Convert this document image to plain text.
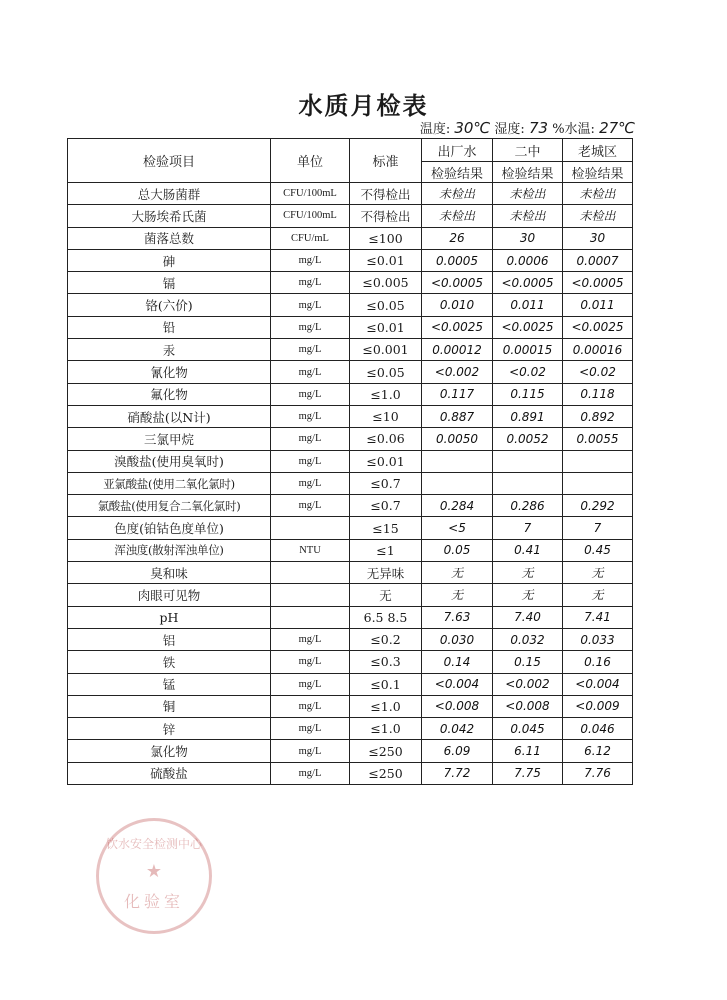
水质月检表
温度: 30℃ 湿度: 73 %水温: 27℃
检验项目	单位	标准	出厂水	二中	老城区
			检验结果	检验结果	检验结果
总大肠菌群	CFU/100mL	不得检出	未检出	未检出	未检出
大肠埃希氏菌	CFU/100mL	不得检出	未检出	未检出	未检出
菌落总数	CFU/mL	≤100	26	30	30
砷	mg/L	≤0.01	0.0005	0.0006	0.0007
镉	mg/L	≤0.005	<0.0005	<0.0005	<0.0005
铬(六价)	mg/L	≤0.05	0.010	0.011	0.011
铅	mg/L	≤0.01	<0.0025	<0.0025	<0.0025
汞	mg/L	≤0.001	0.00012	0.00015	0.00016
氰化物	mg/L	≤0.05	<0.002	<0.02	<0.02
氟化物	mg/L	≤1.0	0.117	0.115	0.118
硝酸盐(以N计)	mg/L	≤10	0.887	0.891	0.892
三氯甲烷	mg/L	≤0.06	0.0050	0.0052	0.0055
溴酸盐(使用臭氧时)	mg/L	≤0.01			
亚氯酸盐(使用二氧化氯时)	mg/L	≤0.7			
氯酸盐(使用复合二氧化氯时)	mg/L	≤0.7	0.284	0.286	0.292
色度(铂钴色度单位)		≤15	<5	7	7
浑浊度(散射浑浊单位)	NTU	≤1	0.05	0.41	0.45
臭和味		无异味	无	无	无
肉眼可见物		无	无	无	无
pH		6.5 8.5	7.63	7.40	7.41
铝	mg/L	≤0.2	0.030	0.032	0.033
铁	mg/L	≤0.3	0.14	0.15	0.16
锰	mg/L	≤0.1	<0.004	<0.002	<0.004
铜	mg/L	≤1.0	<0.008	<0.008	<0.009
锌	mg/L	≤1.0	0.042	0.045	0.046
氯化物	mg/L	≤250	6.09	6.11	6.12
硫酸盐	mg/L	≤250	7.72	7.75	7.76
饮水安全检测中心
★
化验室
